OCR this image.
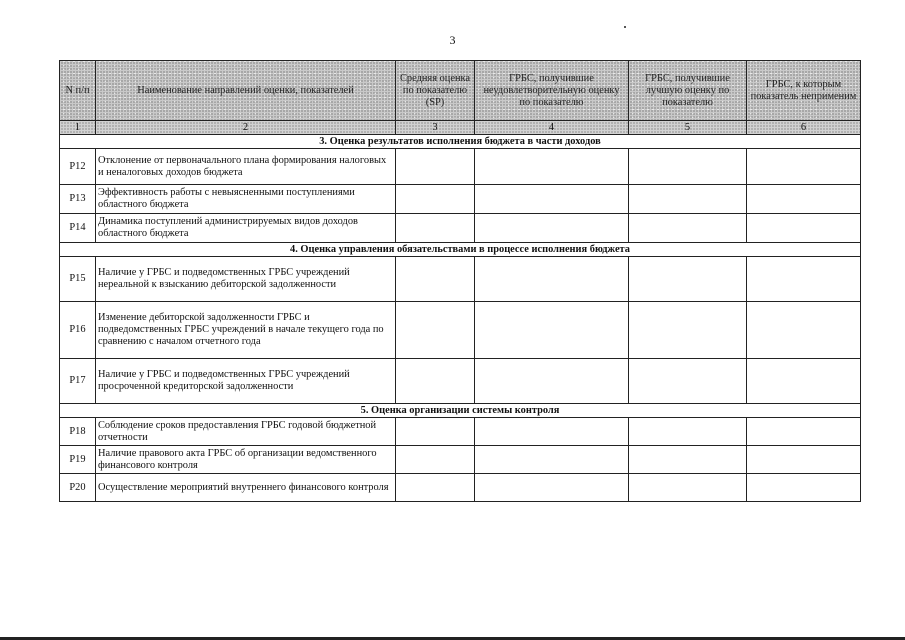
3
N п/п	Наименование направлений оценки, показателей	Средняя оценка по показателю (SP)	ГРБС, получившие неудовлетворительную оценку по показателю	ГРБС, получившие лучшую оценку по показателю	ГРБС, к которым показатель неприменим
1	2	3	4	5	6
3. Оценка результатов исполнения бюджета в части доходов					
P12	Отклонение от первоначального плана формирования налоговых и неналоговых доходов бюджета				
P13	Эффективность работы с невыясненными поступлениями областного бюджета				
P14	Динамика поступлений администрируемых видов доходов областного бюджета				
4. Оценка управления обязательствами в процессе исполнения бюджета					
P15	Наличие у ГРБС и подведомственных ГРБС учреждений нереальной к взысканию дебиторской задолженности				
P16	Изменение дебиторской задолженности ГРБС и подведомственных ГРБС учреждений в начале текущего года по сравнению с началом отчетного года				
P17	Наличие у ГРБС и подведомственных ГРБС учреждений просроченной кредиторской задолженности				
5. Оценка организации системы контроля					
P18	Соблюдение сроков предоставления ГРБС годовой бюджетной отчетности				
P19	Наличие правового акта ГРБС об организации ведомственного финансового контроля				
P20	Осуществление мероприятий внутреннего финансового контроля				
